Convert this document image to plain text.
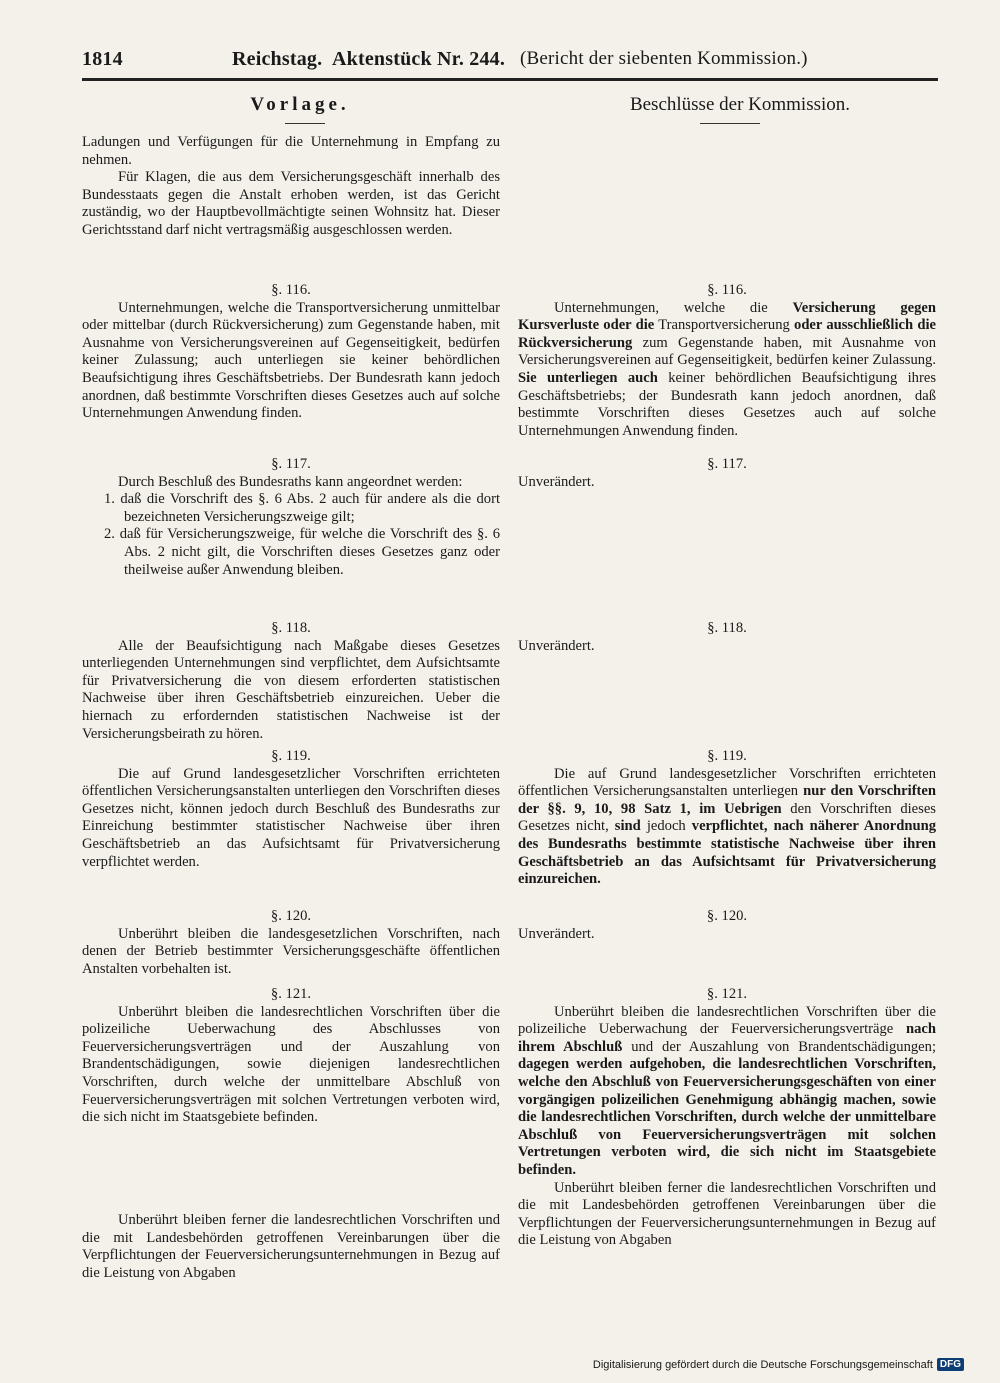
1814	Reichstag. Aktenstück Nr. 244. (Bericht der siebenten Kommission.)
Vorlage.	Beschlüsse der Kommission.

Ladungen und Verfügungen für die Unternehmung in Empfang zu nehmen.

Für Klagen, die aus dem Versicherungsgeschäft innerhalb des Bundesstaats gegen die Anstalt erhoben werden, ist das Gericht zuständig, wo der Hauptbevollmächtigte seinen Wohnsitz hat. Dieser Gerichtsstand darf nicht vertragsmäßig ausgeschlossen werden.

§. 116.

Unternehmungen, welche die Transportversicherung unmittelbar oder mittelbar (durch Rückversicherung) zum Gegenstande haben, mit Ausnahme von Versicherungsvereinen auf Gegenseitigkeit, bedürfen keiner Zulassung; auch unterliegen sie keiner behördlichen Beaufsichtigung ihres Geschäftsbetriebs. Der Bundesrath kann jedoch anordnen, daß bestimmte Vorschriften dieses Gesetzes auch auf solche Unternehmungen Anwendung finden.

§. 117.

Durch Beschluß des Bundesraths kann angeordnet werden:

1. daß die Vorschrift des §. 6 Abs. 2 auch für andere als die dort bezeichneten Versicherungszweige gilt;

2. daß für Versicherungszweige, für welche die Vorschrift des §. 6 Abs. 2 nicht gilt, die Vorschriften dieses Gesetzes ganz oder theilweise außer Anwendung bleiben.

§. 118.

Alle der Beaufsichtigung nach Maßgabe dieses Gesetzes unterliegenden Unternehmungen sind verpflichtet, dem Aufsichtsamte für Privatversicherung die von diesem erforderten statistischen Nachweise über ihren Geschäftsbetrieb einzureichen. Ueber die hiernach zu erfordernden statistischen Nachweise ist der Versicherungsbeirath zu hören.

§. 119.

Die auf Grund landesgesetzlicher Vorschriften errichteten öffentlichen Versicherungsanstalten unterliegen den Vorschriften dieses Gesetzes nicht, können jedoch durch Beschluß des Bundesraths zur Einreichung bestimmter statistischer Nachweise über ihren Geschäftsbetrieb an das Aufsichtsamt für Privatversicherung verpflichtet werden.

§. 120.

Unberührt bleiben die landesgesetzlichen Vorschriften, nach denen der Betrieb bestimmter Versicherungsgeschäfte öffentlichen Anstalten vorbehalten ist.

§. 121.

Unberührt bleiben die landesrechtlichen Vorschriften über die polizeiliche Ueberwachung des Abschlusses von Feuerversicherungsverträgen und der Auszahlung von Brandentschädigungen, sowie diejenigen landesrechtlichen Vorschriften, durch welche der unmittelbare Abschluß von Feuerversicherungsverträgen mit solchen Vertretungen verboten wird, die sich nicht im Staatsgebiete befinden.

Unberührt bleiben ferner die landesrechtlichen Vorschriften und die mit Landesbehörden getroffenen Vereinbarungen über die Verpflichtungen der Feuerversicherungsunternehmungen in Bezug auf die Leistung von Abgaben

§. 116.

Unternehmungen, welche die Versicherung gegen Kursverluste oder die Transportversicherung oder ausschließlich die Rückversicherung zum Gegenstande haben, mit Ausnahme von Versicherungsvereinen auf Gegenseitigkeit, bedürfen keiner Zulassung. Sie unterliegen auch keiner behördlichen Beaufsichtigung ihres Geschäftsbetriebs; der Bundesrath kann jedoch anordnen, daß bestimmte Vorschriften dieses Gesetzes auch auf solche Unternehmungen Anwendung finden.

§. 117.

Unverändert.

§. 118.

Unverändert.

§. 119.

Die auf Grund landesgesetzlicher Vorschriften errichteten öffentlichen Versicherungsanstalten unterliegen nur den Vorschriften der §§. 9, 10, 98 Satz 1, im Uebrigen den Vorschriften dieses Gesetzes nicht, sind jedoch verpflichtet, nach näherer Anordnung des Bundesraths bestimmte statistische Nachweise über ihren Geschäftsbetrieb an das Aufsichtsamt für Privatversicherung einzureichen.

§. 120.

Unverändert.

§. 121.

Unberührt bleiben die landesrechtlichen Vorschriften über die polizeiliche Ueberwachung der Feuerversicherungsverträge nach ihrem Abschluß und der Auszahlung von Brandentschädigungen; dagegen werden aufgehoben, die landesrechtlichen Vorschriften, welche den Abschluß von Feuerversicherungsgeschäften von einer vorgängigen polizeilichen Genehmigung abhängig machen, sowie die landesrechtlichen Vorschriften, durch welche der unmittelbare Abschluß von Feuerversicherungsverträgen mit solchen Vertretungen verboten wird, die sich nicht im Staatsgebiete befinden.

Unberührt bleiben ferner die landesrechtlichen Vorschriften und die mit Landesbehörden getroffenen Vereinbarungen über die Verpflichtungen der Feuerversicherungsunternehmungen in Bezug auf die Leistung von Abgaben

Digitalisierung gefördert durch die Deutsche Forschungsgemeinschaft DFG
